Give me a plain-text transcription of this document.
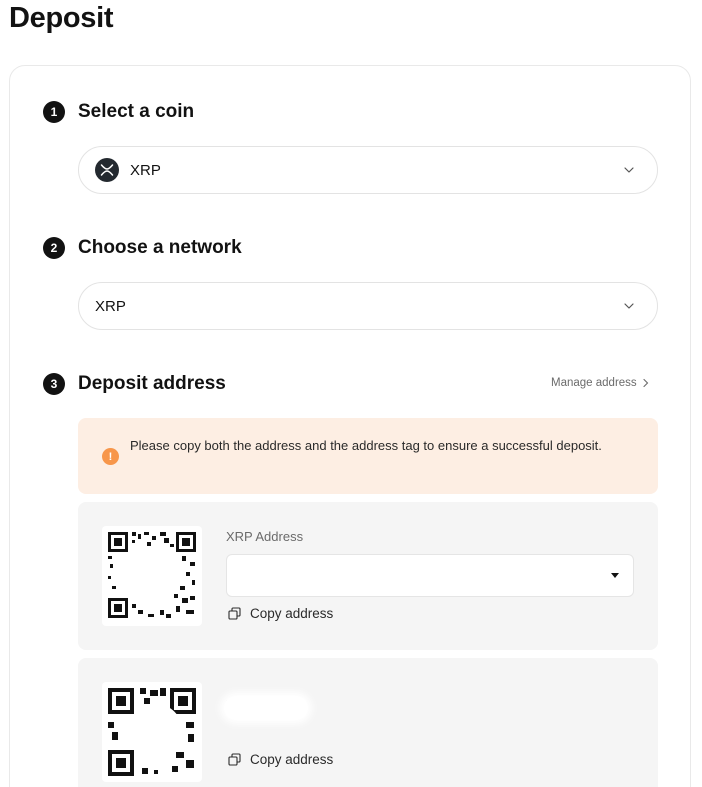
Deposit
1	Select a coin
XRP
2	Choose a network
XRP
3	Deposit address	Manage address
!
Please copy both the address and the address tag to ensure a successful deposit.
XRP Address
Copy address
Copy address
